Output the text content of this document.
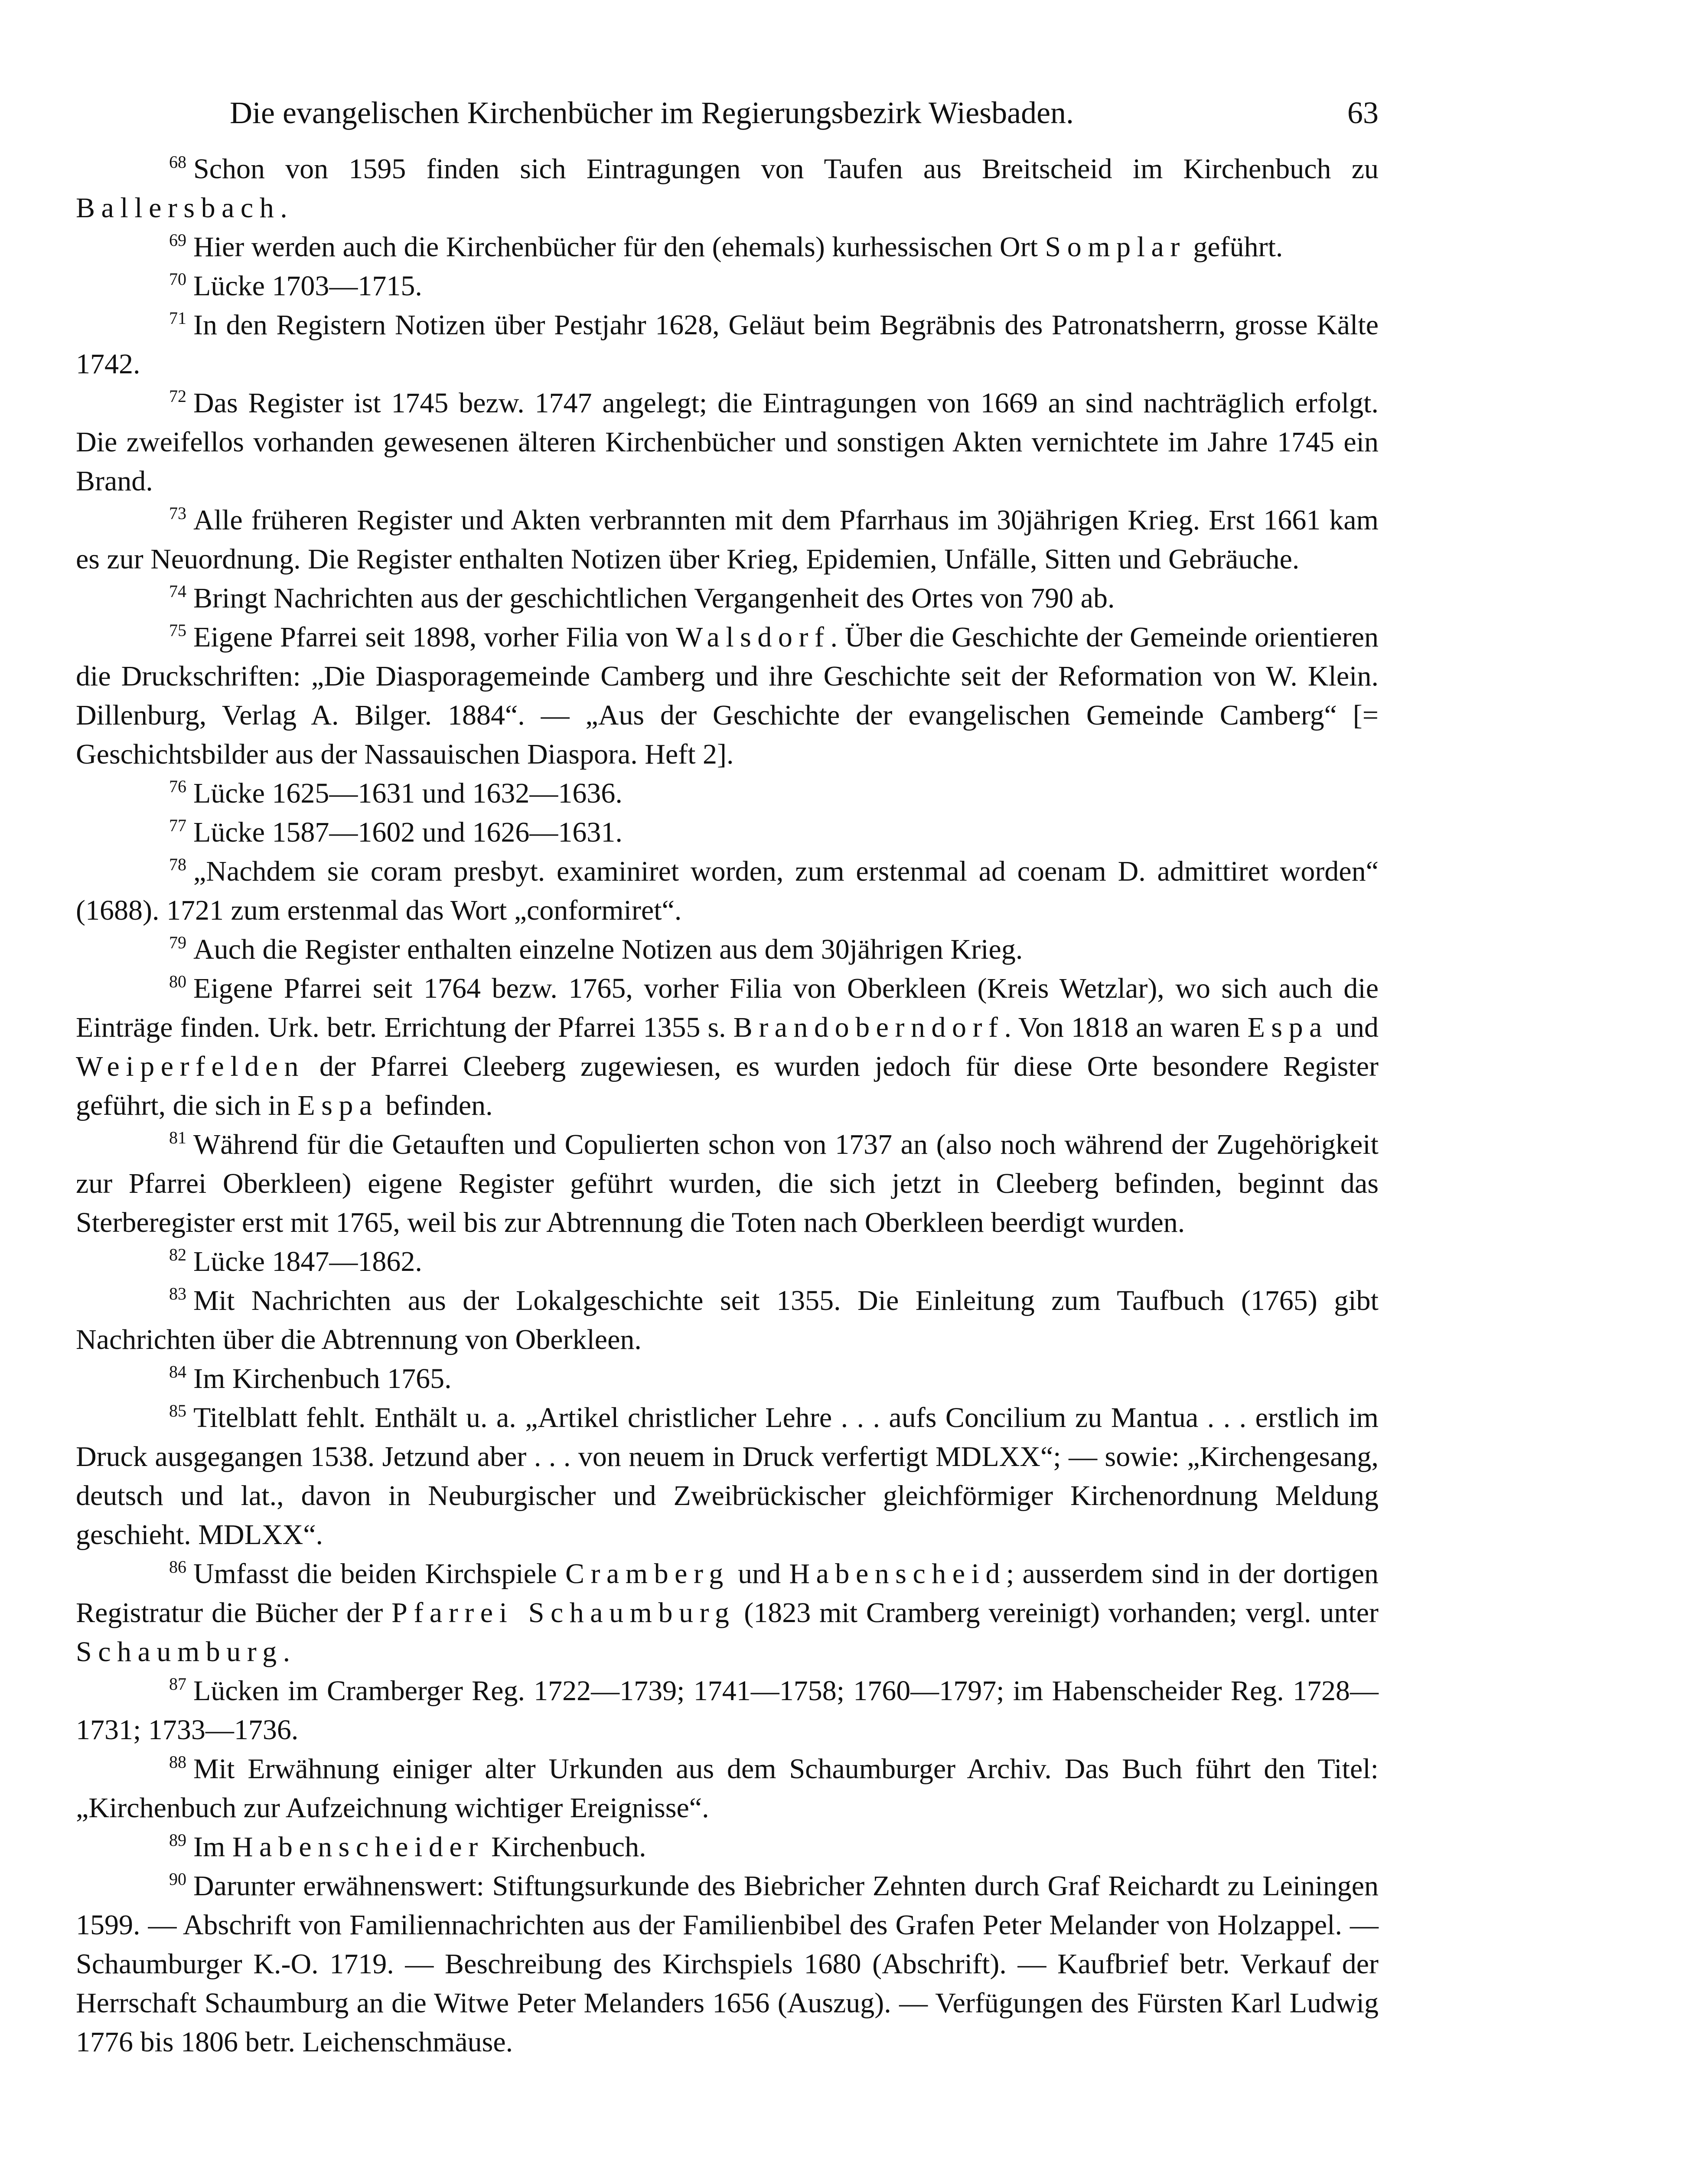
Die evangelischen Kirchenbücher im Regierungsbezirk Wiesbaden.	63

$^{68}$ Schon von 1595 finden sich Eintragungen von Taufen aus Breitscheid im Kirchenbuch zu Ballersbach.

$^{69}$ Hier werden auch die Kirchenbücher für den (ehemals) kurhessischen Ort Somplar geführt.

$^{70}$ Lücke 1703—1715.

$^{71}$ In den Registern Notizen über Pestjahr 1628, Geläut beim Begräbnis des Patronatsherrn, grosse Kälte 1742.

$^{72}$ Das Register ist 1745 bezw. 1747 angelegt; die Eintragungen von 1669 an sind nachträglich erfolgt. Die zweifellos vorhanden gewesenen älteren Kirchenbücher und sonstigen Akten vernichtete im Jahre 1745 ein Brand.

$^{73}$ Alle früheren Register und Akten verbrannten mit dem Pfarrhaus im 30jährigen Krieg. Erst 1661 kam es zur Neuordnung. Die Register enthalten Notizen über Krieg, Epidemien, Unfälle, Sitten und Gebräuche.

$^{74}$ Bringt Nachrichten aus der geschichtlichen Vergangenheit des Ortes von 790 ab.

$^{75}$ Eigene Pfarrei seit 1898, vorher Filia von Walsdorf. Über die Geschichte der Gemeinde orientieren die Druckschriften: „Die Diasporagemeinde Camberg und ihre Geschichte seit der Reformation von W. Klein. Dillenburg, Verlag A. Bilger. 1884“. — „Aus der Geschichte der evangelischen Gemeinde Camberg“ [= Geschichtsbilder aus der Nassauischen Diaspora. Heft 2].

$^{76}$ Lücke 1625—1631 und 1632—1636.

$^{77}$ Lücke 1587—1602 und 1626—1631.

$^{78}$ „Nachdem sie coram presbyt. examiniret worden, zum erstenmal ad coenam D. admittiret worden“ (1688). 1721 zum erstenmal das Wort „conformiret“.

$^{79}$ Auch die Register enthalten einzelne Notizen aus dem 30jährigen Krieg.

$^{80}$ Eigene Pfarrei seit 1764 bezw. 1765, vorher Filia von Oberkleen (Kreis Wetzlar), wo sich auch die Einträge finden. Urk. betr. Errichtung der Pfarrei 1355 s. Brandoberndorf. Von 1818 an waren Espa und Weiperfelden der Pfarrei Cleeberg zugewiesen, es wurden jedoch für diese Orte besondere Register geführt, die sich in Espa befinden.

$^{81}$ Während für die Getauften und Copulierten schon von 1737 an (also noch während der Zugehörigkeit zur Pfarrei Oberkleen) eigene Register geführt wurden, die sich jetzt in Cleeberg befinden, beginnt das Sterberegister erst mit 1765, weil bis zur Abtrennung die Toten nach Oberkleen beerdigt wurden.

$^{82}$ Lücke 1847—1862.

$^{83}$ Mit Nachrichten aus der Lokalgeschichte seit 1355. Die Einleitung zum Taufbuch (1765) gibt Nachrichten über die Abtrennung von Oberkleen.

$^{84}$ Im Kirchenbuch 1765.

$^{85}$ Titelblatt fehlt. Enthält u. a. „Artikel christlicher Lehre . . . aufs Concilium zu Mantua . . . erstlich im Druck ausgegangen 1538. Jetzund aber . . . von neuem in Druck verfertigt MDLXX“; — sowie: „Kirchengesang, deutsch und lat., davon in Neuburgischer und Zweibrückischer gleichförmiger Kirchenordnung Meldung geschieht. MDLXX“.

$^{86}$ Umfasst die beiden Kirchspiele Cramberg und Habenscheid; ausserdem sind in der dortigen Registratur die Bücher der Pfarrei Schaumburg (1823 mit Cramberg vereinigt) vorhanden; vergl. unter Schaumburg.

$^{87}$ Lücken im Cramberger Reg. 1722—1739; 1741—1758; 1760—1797; im Habenscheider Reg. 1728—1731; 1733—1736.

$^{88}$ Mit Erwähnung einiger alter Urkunden aus dem Schaumburger Archiv. Das Buch führt den Titel: „Kirchenbuch zur Aufzeichnung wichtiger Ereignisse“.

$^{89}$ Im Habenscheider Kirchenbuch.

$^{90}$ Darunter erwähnenswert: Stiftungsurkunde des Biebricher Zehnten durch Graf Reichardt zu Leiningen 1599. — Abschrift von Familiennachrichten aus der Familienbibel des Grafen Peter Melander von Holzappel. — Schaumburger K.-O. 1719. — Beschreibung des Kirchspiels 1680 (Abschrift). — Kaufbrief betr. Verkauf der Herrschaft Schaumburg an die Witwe Peter Melanders 1656 (Auszug). — Verfügungen des Fürsten Karl Ludwig 1776 bis 1806 betr. Leichenschmäuse.
